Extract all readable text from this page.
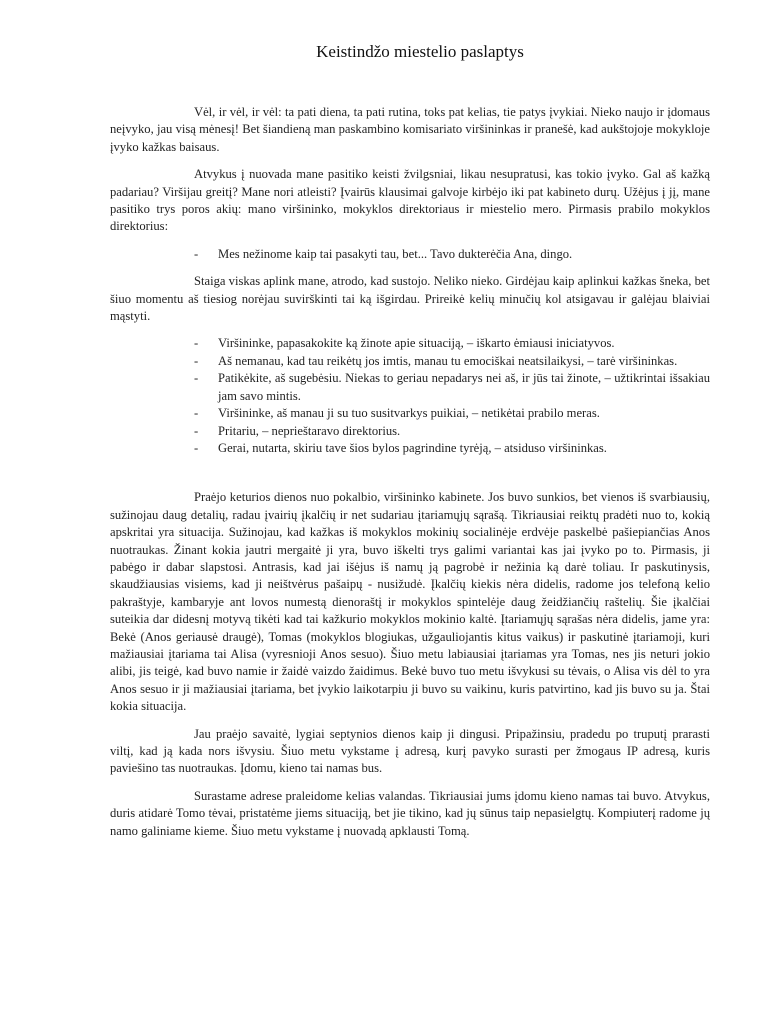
Keistindžo miestelio paslaptys

Vėl, ir vėl, ir vėl: ta pati diena, ta pati rutina, toks pat kelias, tie patys įvykiai. Nieko naujo ir įdomaus neįvyko, jau visą mėnesį! Bet šiandieną man paskambino komisariato viršininkas ir pranešė, kad aukštojoje mokykloje įvyko kažkas baisaus.

Atvykus į nuovada mane pasitiko keisti žvilgsniai, likau nesupratusi, kas tokio įvyko. Gal aš kažką padariau? Viršijau greitį? Mane nori atleisti? Įvairūs klausimai galvoje kirbėjo iki pat kabineto durų. Užėjus į jį, mane pasitiko trys poros akių: mano viršininko, mokyklos direktoriaus ir miestelio mero. Pirmasis prabilo mokyklos direktorius:

- Mes nežinome kaip tai pasakyti tau, bet... Tavo dukterėčia Ana, dingo.

Staiga viskas aplink mane, atrodo, kad sustojo. Neliko nieko. Girdėjau kaip aplinkui kažkas šneka, bet šiuo momentu aš tiesiog norėjau suvirškinti tai ką išgirdau. Prireikė kelių minučių kol atsigavau ir galėjau blaiviai mąstyti.

- Viršininke, papasakokite ką žinote apie situaciją, – iškarto ėmiausi iniciatyvos.
- Aš nemanau, kad tau reikėtų jos imtis, manau tu emociškai neatsilaikysi, – tarė viršininkas.
- Patikėkite, aš sugebėsiu. Niekas to geriau nepadarys nei aš, ir jūs tai žinote, – užtikrintai išsakiau jam savo mintis.
- Viršininke, aš manau ji su tuo susitvarkys puikiai, – netikėtai prabilo meras.
- Pritariu, – neprieštaravo direktorius.
- Gerai, nutarta, skiriu tave šios bylos pagrindine tyrėją, – atsiduso viršininkas.

Praėjo keturios dienos nuo pokalbio, viršininko kabinete. Jos buvo sunkios, bet vienos iš svarbiausių, sužinojau daug detalių, radau įvairių įkalčių ir net sudariau įtariamųjų sąrašą. Tikriausiai reiktų pradėti nuo to, kokią apskritai yra situacija. Sužinojau, kad kažkas iš mokyklos mokinių socialinėje erdvėje paskelbė pašiepiančias Anos nuotraukas. Žinant kokia jautri mergaitė ji yra, buvo iškelti trys galimi variantai kas jai įvyko po to. Pirmasis, ji pabėgo ir dabar slapstosi. Antrasis, kad jai išėjus iš namų ją pagrobė ir nežinia ką darė toliau. Ir paskutinysis, skaudžiausias visiems, kad ji neištvėrus pašaipų - nusižudė. Įkalčių kiekis nėra didelis, radome jos telefoną kelio pakraštyje, kambaryje ant lovos numestą dienoraštį ir mokyklos spintelėje daug žeidžiančių raštelių. Šie įkalčiai suteikia dar didesnį motyvą tikėti kad tai kažkurio mokyklos mokinio kaltė. Įtariamųjų sąrašas nėra didelis, jame yra: Bekė (Anos geriausė draugė), Tomas (mokyklos blogiukas, užgauliojantis kitus vaikus) ir paskutinė įtariamoji, kuri mažiausiai įtariama tai Alisa (vyresnioji Anos sesuo). Šiuo metu labiausiai įtariamas yra Tomas, nes jis neturi jokio alibi, jis teigė, kad buvo namie ir žaidė vaizdo žaidimus. Bekė buvo tuo metu išvykusi su tėvais, o Alisa vis dėl to yra Anos sesuo ir ji mažiausiai įtariama, bet įvykio laikotarpiu ji buvo su vaikinu, kuris patvirtino, kad jis buvo su ja. Štai kokia situacija.

Jau praėjo savaitė, lygiai septynios dienos kaip ji dingusi. Pripažinsiu, pradedu po truputį prarasti viltį, kad ją kada nors išvysiu. Šiuo metu vykstame į adresą, kurį pavyko surasti per žmogaus IP adresą, kuris paviešino tas nuotraukas. Įdomu, kieno tai namas bus.

Surastame adrese praleidome kelias valandas. Tikriausiai jums įdomu kieno namas tai buvo. Atvykus, duris atidarė Tomo tėvai, pristatėme jiems situaciją, bet jie tikino, kad jų sūnus taip nepasielgtų. Kompiuterį radome jų namo galiniame kieme. Šiuo metu vykstame į nuovadą apklausti Tomą.
